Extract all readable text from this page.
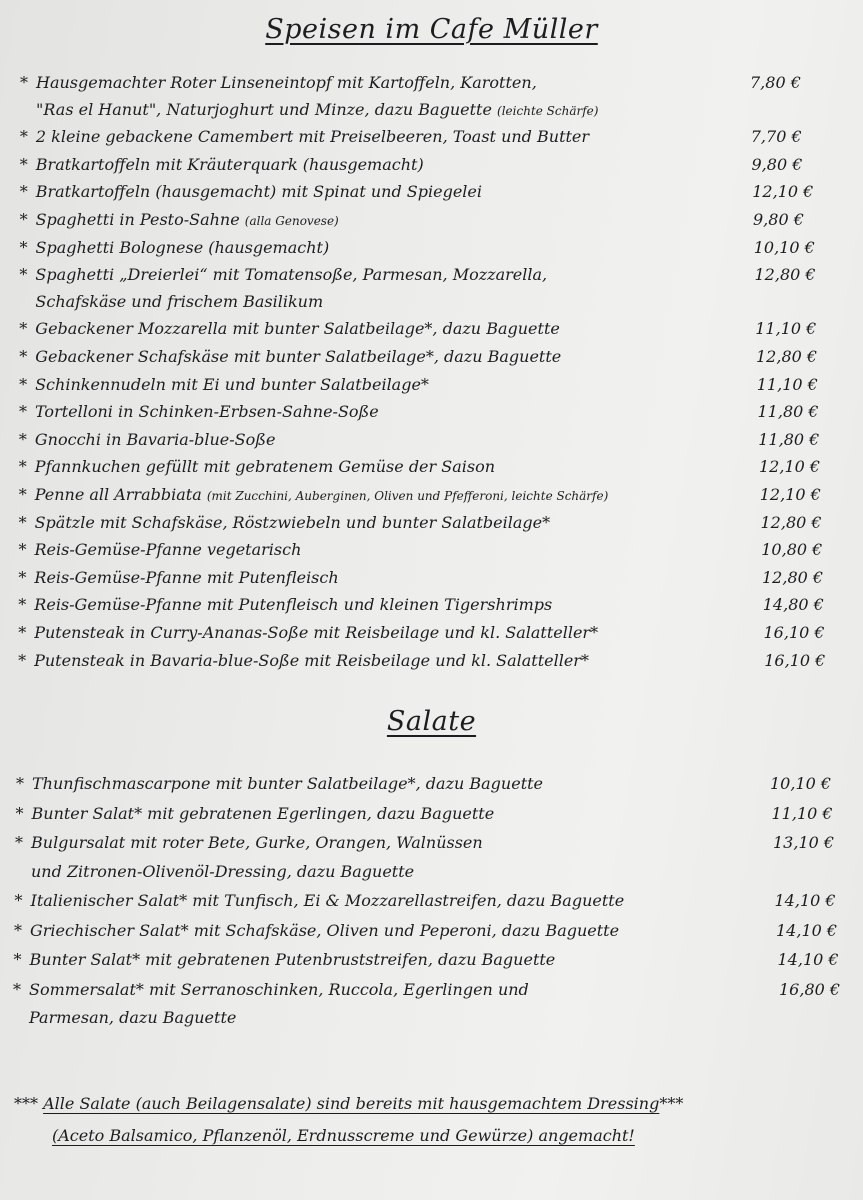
Speisen im Cafe Müller
* Hausgemachter Roter Linseneintopf mit Kartoffeln, Karotten,	7,80 €
"Ras el Hanut", Naturjoghurt und Minze, dazu Baguette (leichte Schärfe)
* 2 kleine gebackene Camembert mit Preiselbeeren, Toast und Butter	7,70 €
* Bratkartoffeln mit Kräuterquark (hausgemacht)	9,80 €
* Bratkartoffeln (hausgemacht) mit Spinat und Spiegelei	12,10 €
* Spaghetti in Pesto-Sahne (alla Genovese)	9,80 €
* Spaghetti Bolognese (hausgemacht)	10,10 €
* Spaghetti „Dreierlei“ mit Tomatensoße, Parmesan, Mozzarella,	12,80 €
Schafskäse und frischem Basilikum
* Gebackener Mozzarella mit bunter Salatbeilage*, dazu Baguette	11,10 €
* Gebackener Schafskäse mit bunter Salatbeilage*, dazu Baguette	12,80 €
* Schinkennudeln mit Ei und bunter Salatbeilage*	11,10 €
* Tortelloni in Schinken-Erbsen-Sahne-Soße	11,80 €
* Gnocchi in Bavaria-blue-Soße	11,80 €
* Pfannkuchen gefüllt mit gebratenem Gemüse der Saison	12,10 €
* Penne all Arrabbiata (mit Zucchini, Auberginen, Oliven und Pfefferoni, leichte Schärfe)	12,10 €
* Spätzle mit Schafskäse, Röstzwiebeln und bunter Salatbeilage*	12,80 €
* Reis-Gemüse-Pfanne vegetarisch	10,80 €
* Reis-Gemüse-Pfanne mit Putenfleisch	12,80 €
* Reis-Gemüse-Pfanne mit Putenfleisch und kleinen Tigershrimps	14,80 €
* Putensteak in Curry-Ananas-Soße mit Reisbeilage und kl. Salatteller*	16,10 €
* Putensteak in Bavaria-blue-Soße mit Reisbeilage und kl. Salatteller*	16,10 €
Salate
* Thunfischmascarpone mit bunter Salatbeilage*, dazu Baguette	10,10 €
* Bunter Salat* mit gebratenen Egerlingen, dazu Baguette	11,10 €
* Bulgursalat mit roter Bete, Gurke, Orangen, Walnüssen	13,10 €
und Zitronen-Olivenöl-Dressing, dazu Baguette
* Italienischer Salat* mit Tunfisch, Ei & Mozzarellastreifen, dazu Baguette	14,10 €
* Griechischer Salat* mit Schafskäse, Oliven und Peperoni, dazu Baguette	14,10 €
* Bunter Salat* mit gebratenen Putenbruststreifen, dazu Baguette	14,10 €
* Sommersalat* mit Serranoschinken, Ruccola, Egerlingen und	16,80 €
Parmesan, dazu Baguette
*** Alle Salate (auch Beilagensalate) sind bereits mit hausgemachtem Dressing***
(Aceto Balsamico, Pflanzenöl, Erdnusscreme und Gewürze) angemacht!
